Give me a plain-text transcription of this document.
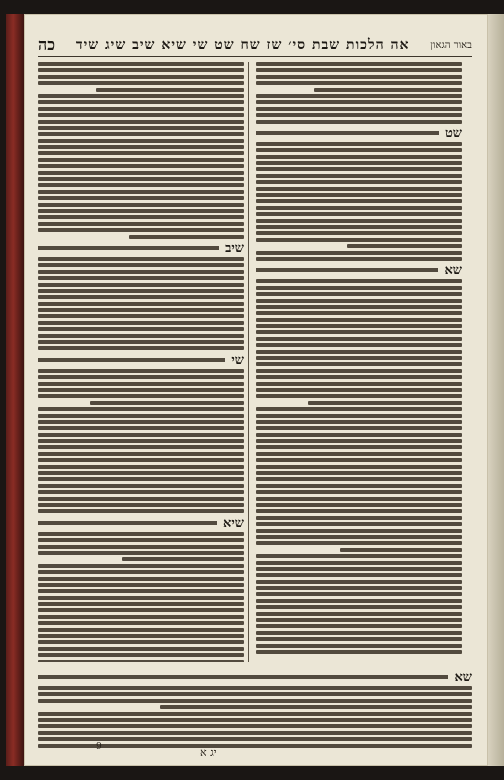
באור הגאון
אה הלכות שבת סי׳ שז שח שט שי שיא שיב שיג שיד
כה
שיב
שי
שיא
שט
שא
שא
9	יג א
